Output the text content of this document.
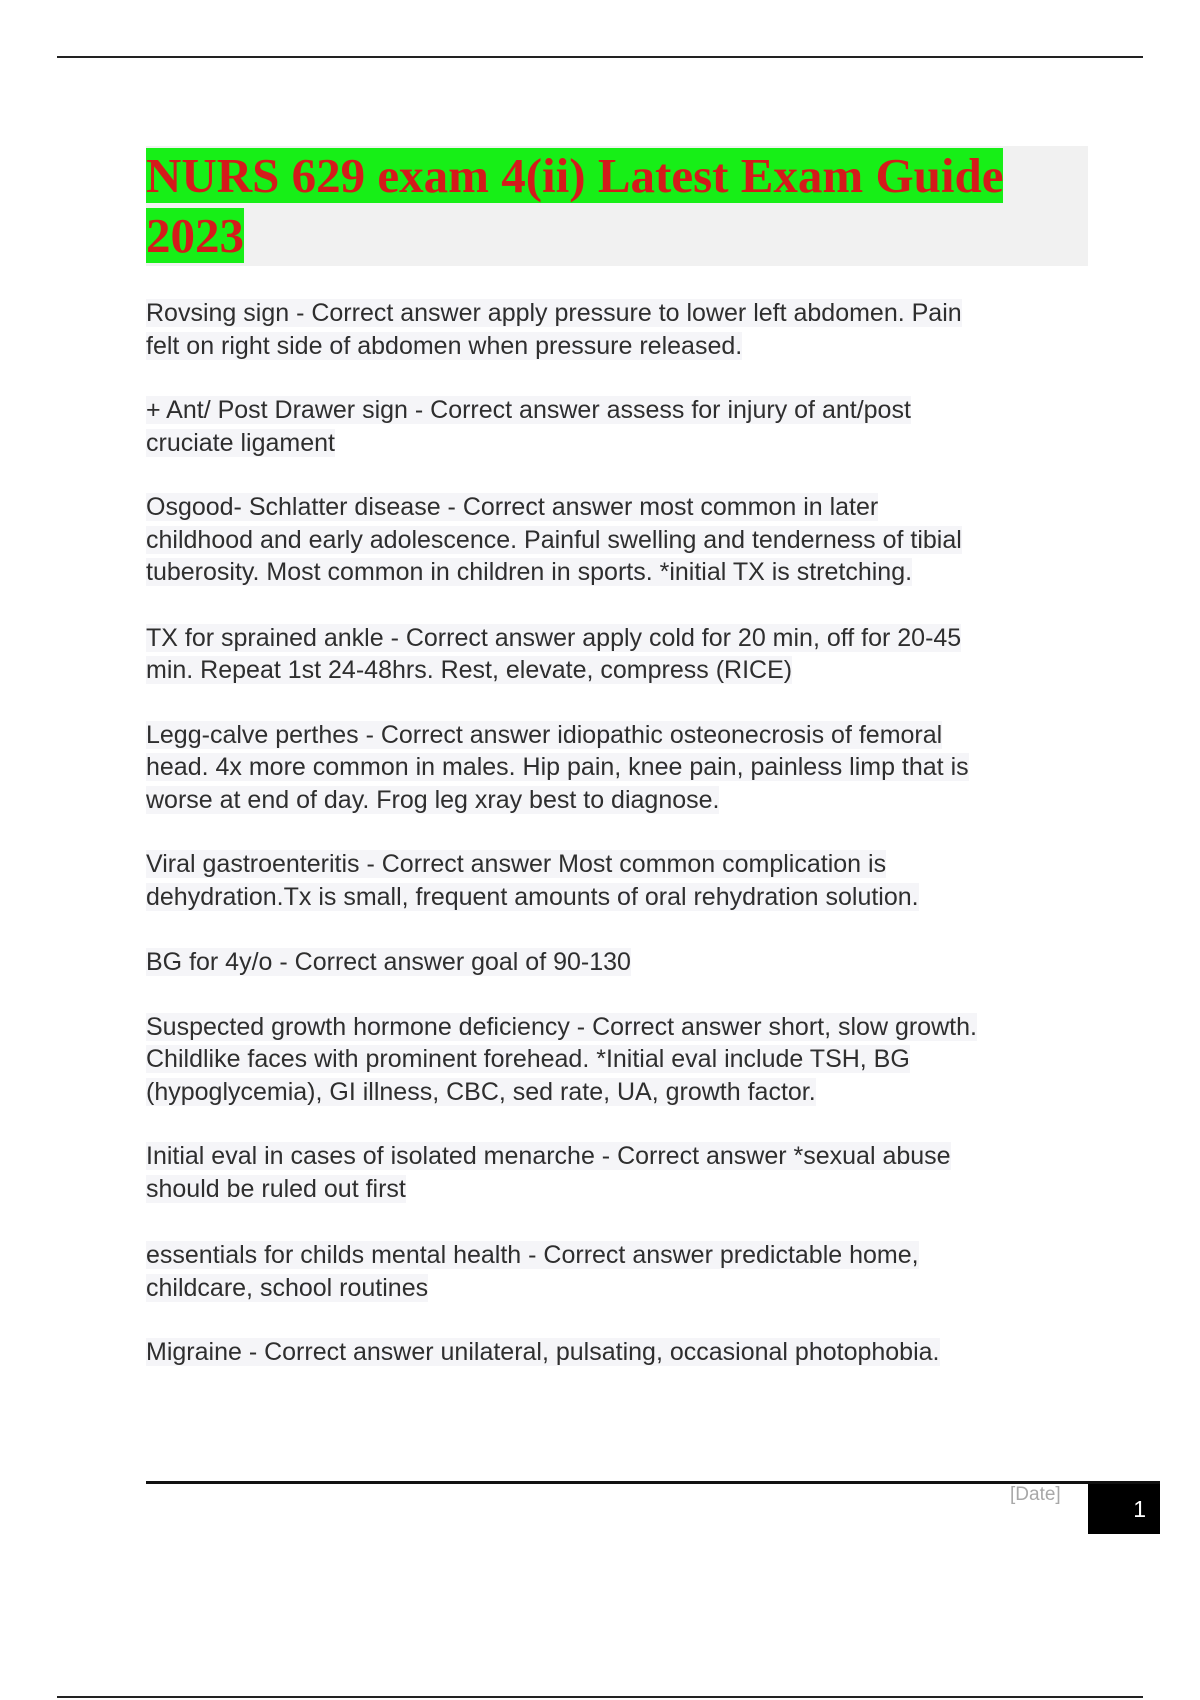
NURS 629 exam 4(ii) Latest Exam Guide
2023

Rovsing sign - Correct answer apply pressure to lower left abdomen. Pain
felt on right side of abdomen when pressure released.

+ Ant/ Post Drawer sign - Correct answer assess for injury of ant/post
cruciate ligament

Osgood- Schlatter disease - Correct answer most common in later
childhood and early adolescence. Painful swelling and tenderness of tibial
tuberosity. Most common in children in sports. *initial TX is stretching.

TX for sprained ankle - Correct answer apply cold for 20 min, off for 20-45
min. Repeat 1st 24-48hrs. Rest, elevate, compress (RICE)

Legg-calve perthes - Correct answer idiopathic osteonecrosis of femoral
head. 4x more common in males. Hip pain, knee pain, painless limp that is
worse at end of day. Frog leg xray best to diagnose.

Viral gastroenteritis - Correct answer Most common complication is
dehydration.Tx is small, frequent amounts of oral rehydration solution.

BG for 4y/o - Correct answer goal of 90-130

Suspected growth hormone deficiency - Correct answer short, slow growth.
Childlike faces with prominent forehead. *Initial eval include TSH, BG
(hypoglycemia), GI illness, CBC, sed rate, UA, growth factor.

Initial eval in cases of isolated menarche - Correct answer *sexual abuse
should be ruled out first

essentials for childs mental health - Correct answer predictable home,
childcare, school routines

Migraine - Correct answer unilateral, pulsating, occasional photophobia.

[Date]
1
